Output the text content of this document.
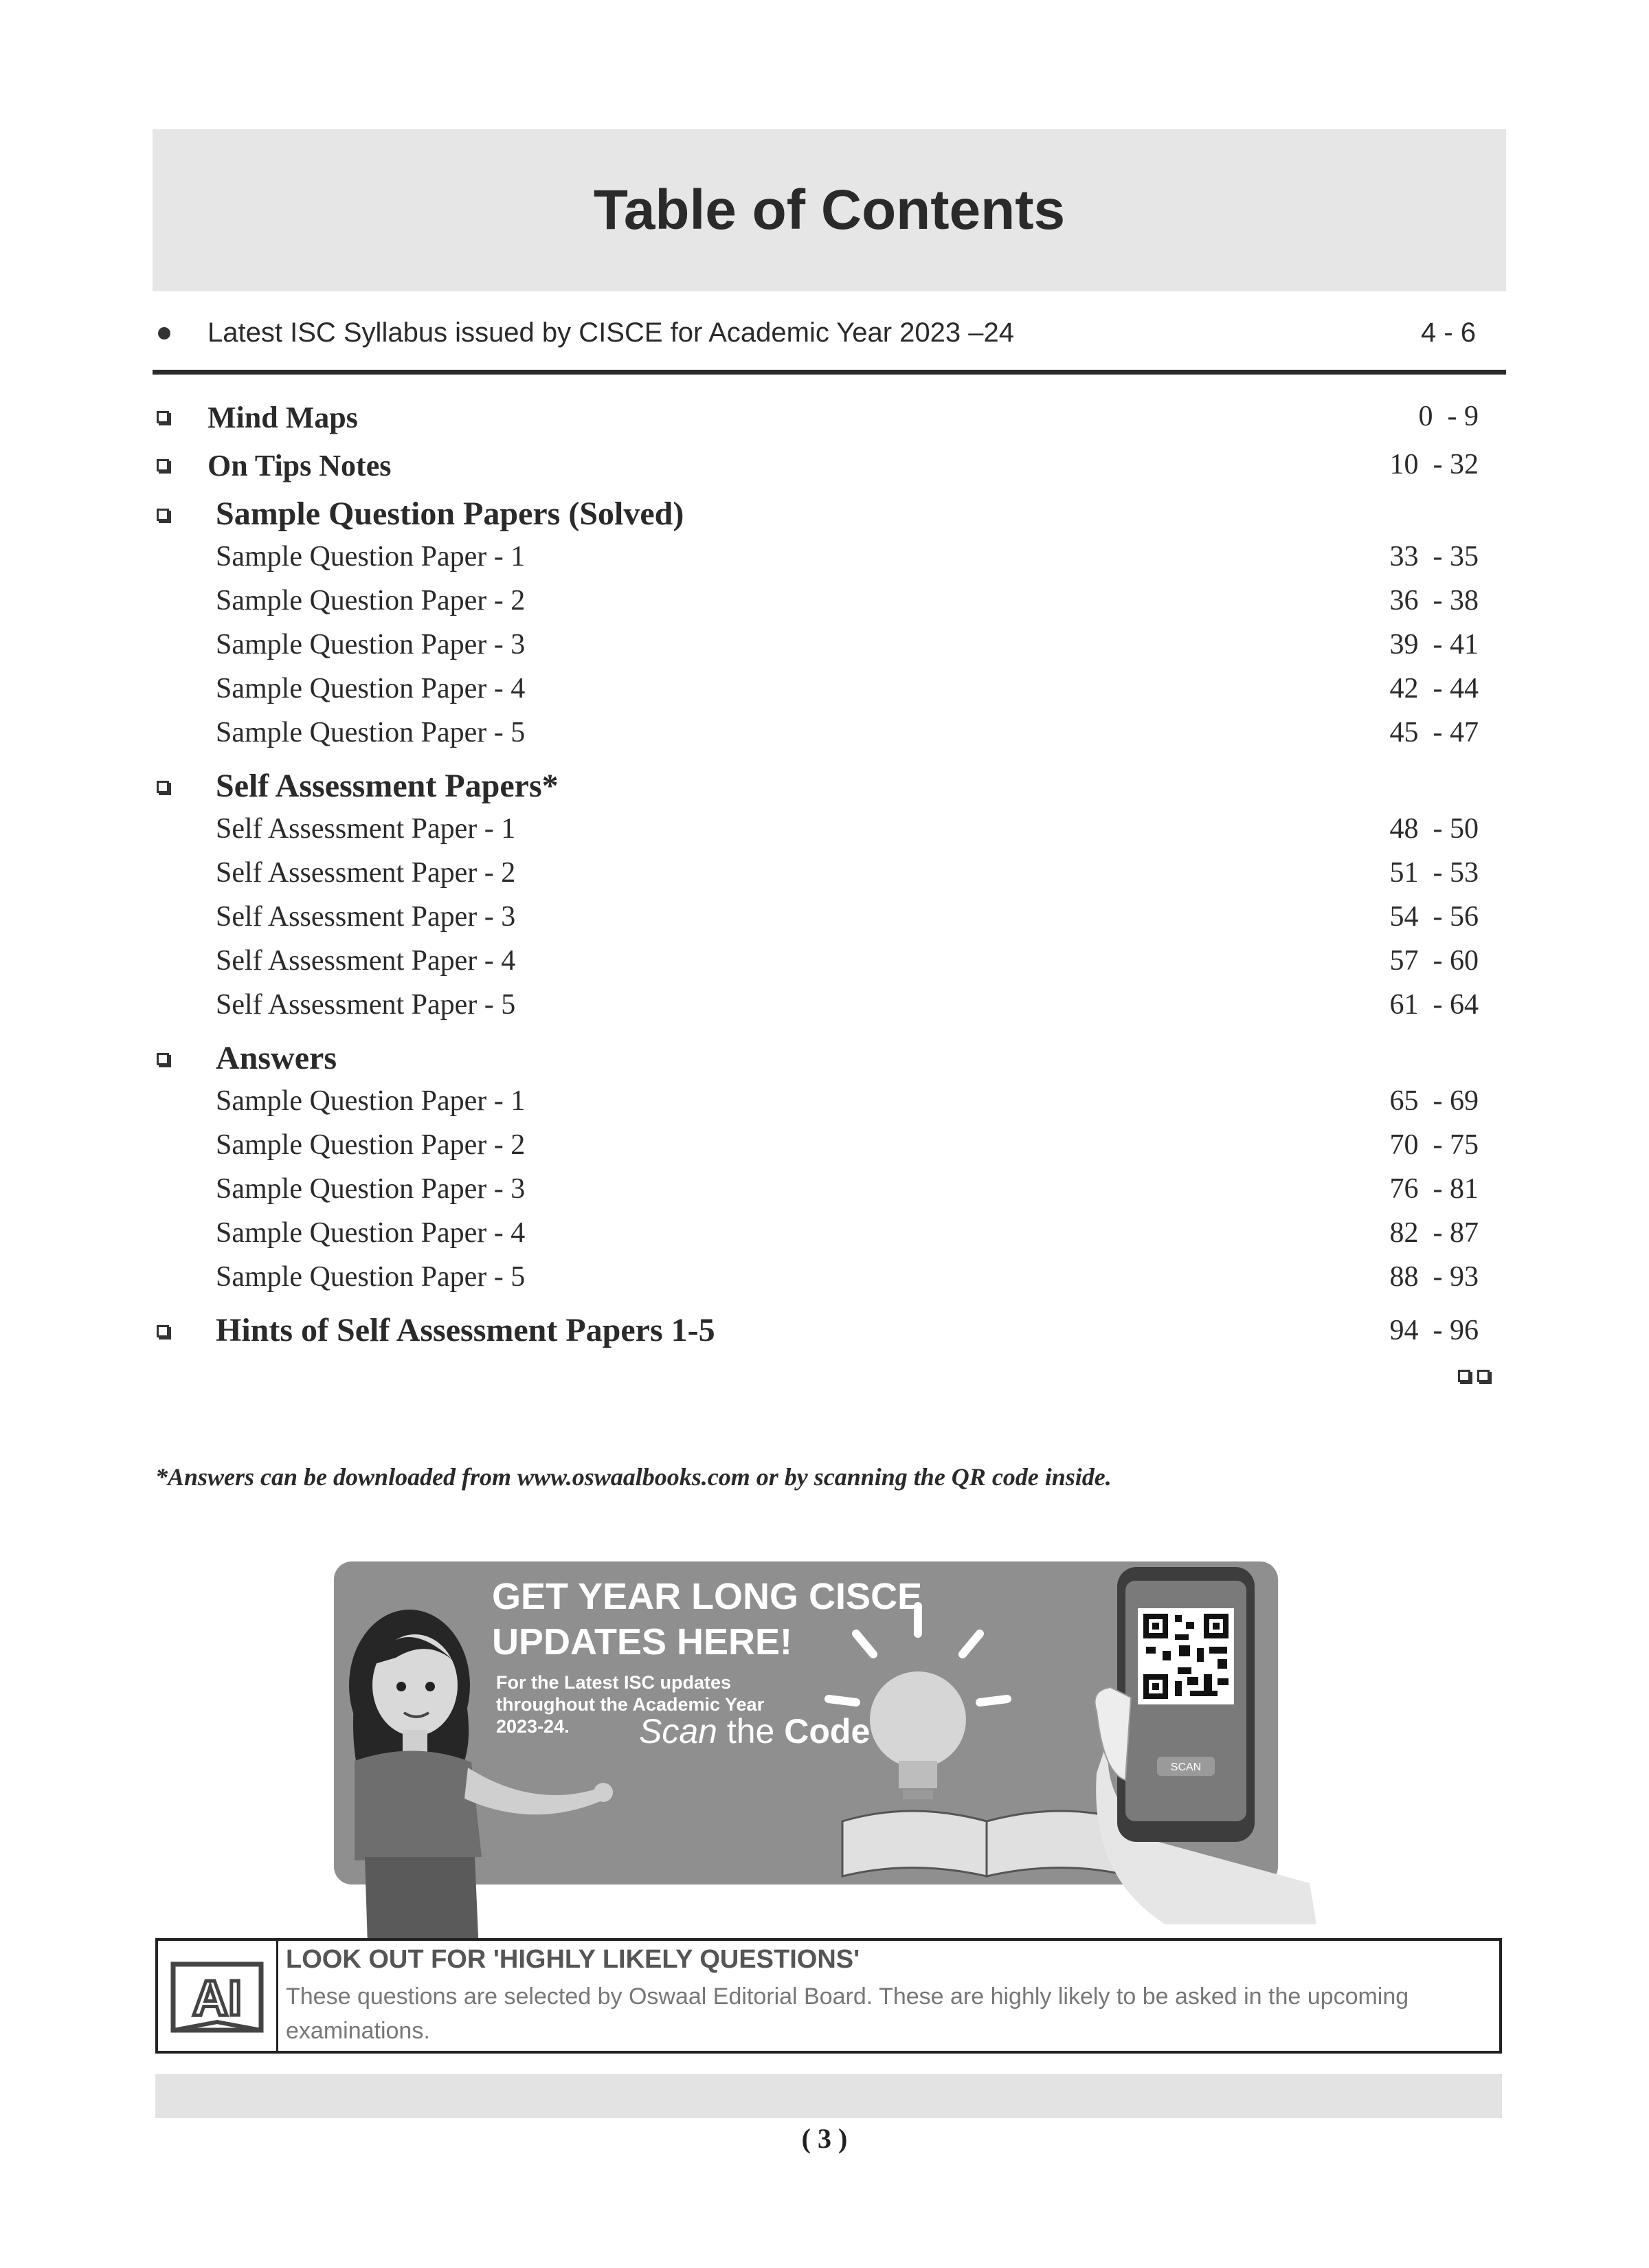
Table of Contents
Latest ISC Syllabus issued by CISCE for Academic Year 2023 –24	4 - 6
Mind Maps	0  - 9
On Tips Notes	10  - 32
Sample Question Papers (Solved)
Sample Question Paper - 1	33  - 35
Sample Question Paper - 2	36  - 38
Sample Question Paper - 3	39  - 41
Sample Question Paper - 4	42  - 44
Sample Question Paper - 5	45  - 47
Self Assessment Papers*
Self Assessment Paper - 1	48  - 50
Self Assessment Paper - 2	51  - 53
Self Assessment Paper - 3	54  - 56
Self Assessment Paper - 4	57  - 60
Self Assessment Paper - 5	61  - 64
Answers
Sample Question Paper - 1	65  - 69
Sample Question Paper - 2	70  - 75
Sample Question Paper - 3	76  - 81
Sample Question Paper - 4	82  - 87
Sample Question Paper - 5	88  - 93
Hints of Self Assessment Papers 1-5	94  - 96
*Answers can be downloaded from www.oswaalbooks.com or by scanning the QR code inside.
GET YEAR LONG CISCE
UPDATES HERE!
For the Latest ISC updates
throughout the Academic Year
2023-24.	Scan the Code
SCAN
AI
LOOK OUT FOR 'HIGHLY LIKELY QUESTIONS'
These questions are selected by Oswaal Editorial Board. These are highly likely to be asked in the upcoming examinations.
( 3 )
